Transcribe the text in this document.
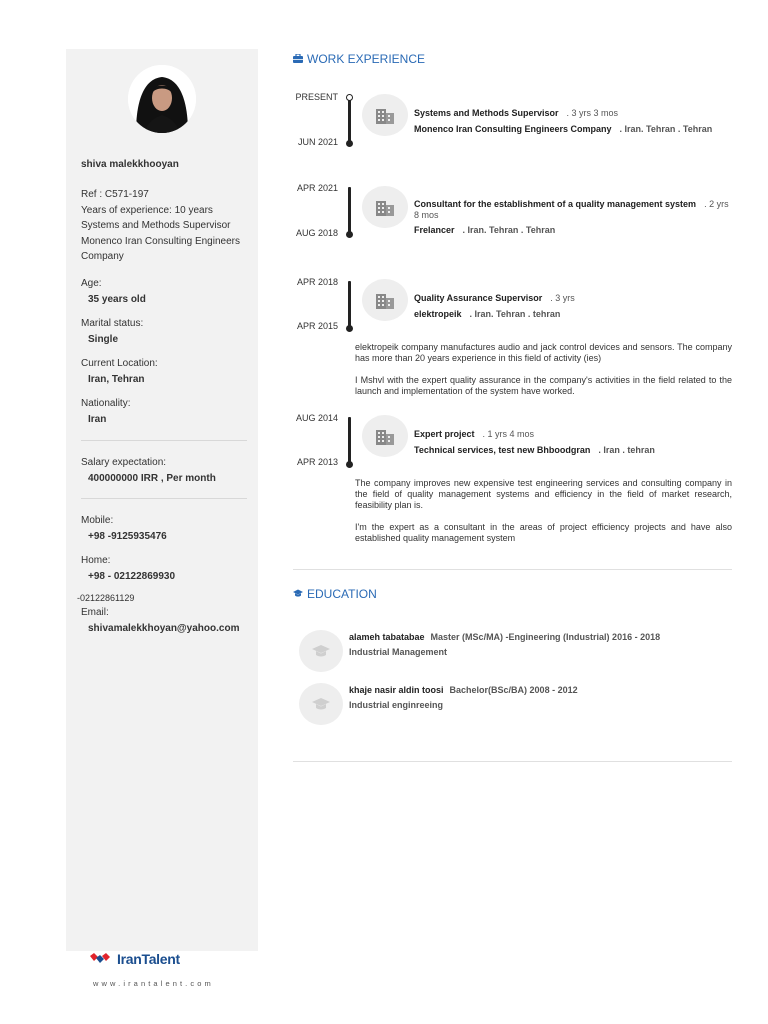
shiva malekkhooyan
Ref : C571-197
Years of experience: 10 years
Systems and Methods Supervisor
Monenco Iran Consulting Engineers Company
Age:
35 years old
Marital status:
Single
Current Location:
Iran, Tehran
Nationality:
Iran
Salary expectation:
400000000 IRR , Per month
Mobile:
+98 -9125935476
Home:
+98 - 02122869930
Email:
shivamalekkhoyan@yahoo.com
-02122861129
IranTalent
www.irantalent.com
WORK EXPERIENCE
PRESENT
JUN 2021
Systems and Methods Supervisor . 3 yrs 3 mos
Monenco Iran Consulting Engineers Company . Iran. Tehran . Tehran
APR 2021
AUG 2018
Consultant for the establishment of a quality management system . 2 yrs 8 mos
Frelancer . Iran. Tehran . Tehran
APR 2018
APR 2015
Quality Assurance Supervisor . 3 yrs
elektropeik . Iran. Tehran . tehran
elektropeik company manufactures audio and jack control devices and sensors. The company has more than 20 years experience in this field of activity (ies)
I Mshvl with the expert quality assurance in the company's activities in the field related to the launch and implementation of the system have worked.
AUG 2014
APR 2013
Expert project . 1 yrs 4 mos
Technical services, test new Bhboodgran . Iran . tehran
The company improves new expensive test engineering services and consulting company in the field of quality management systems and efficiency in the field of market research, feasibility plan is.
I'm the expert as a consultant in the areas of project efficiency projects and have also established quality management system
EDUCATION
alameh tabatabae Master (MSc/MA) -Engineering (Industrial) 2016 - 2018
Industrial Management
khaje nasir aldin toosi Bachelor(BSc/BA) 2008 - 2012
Industrial enginreeing
